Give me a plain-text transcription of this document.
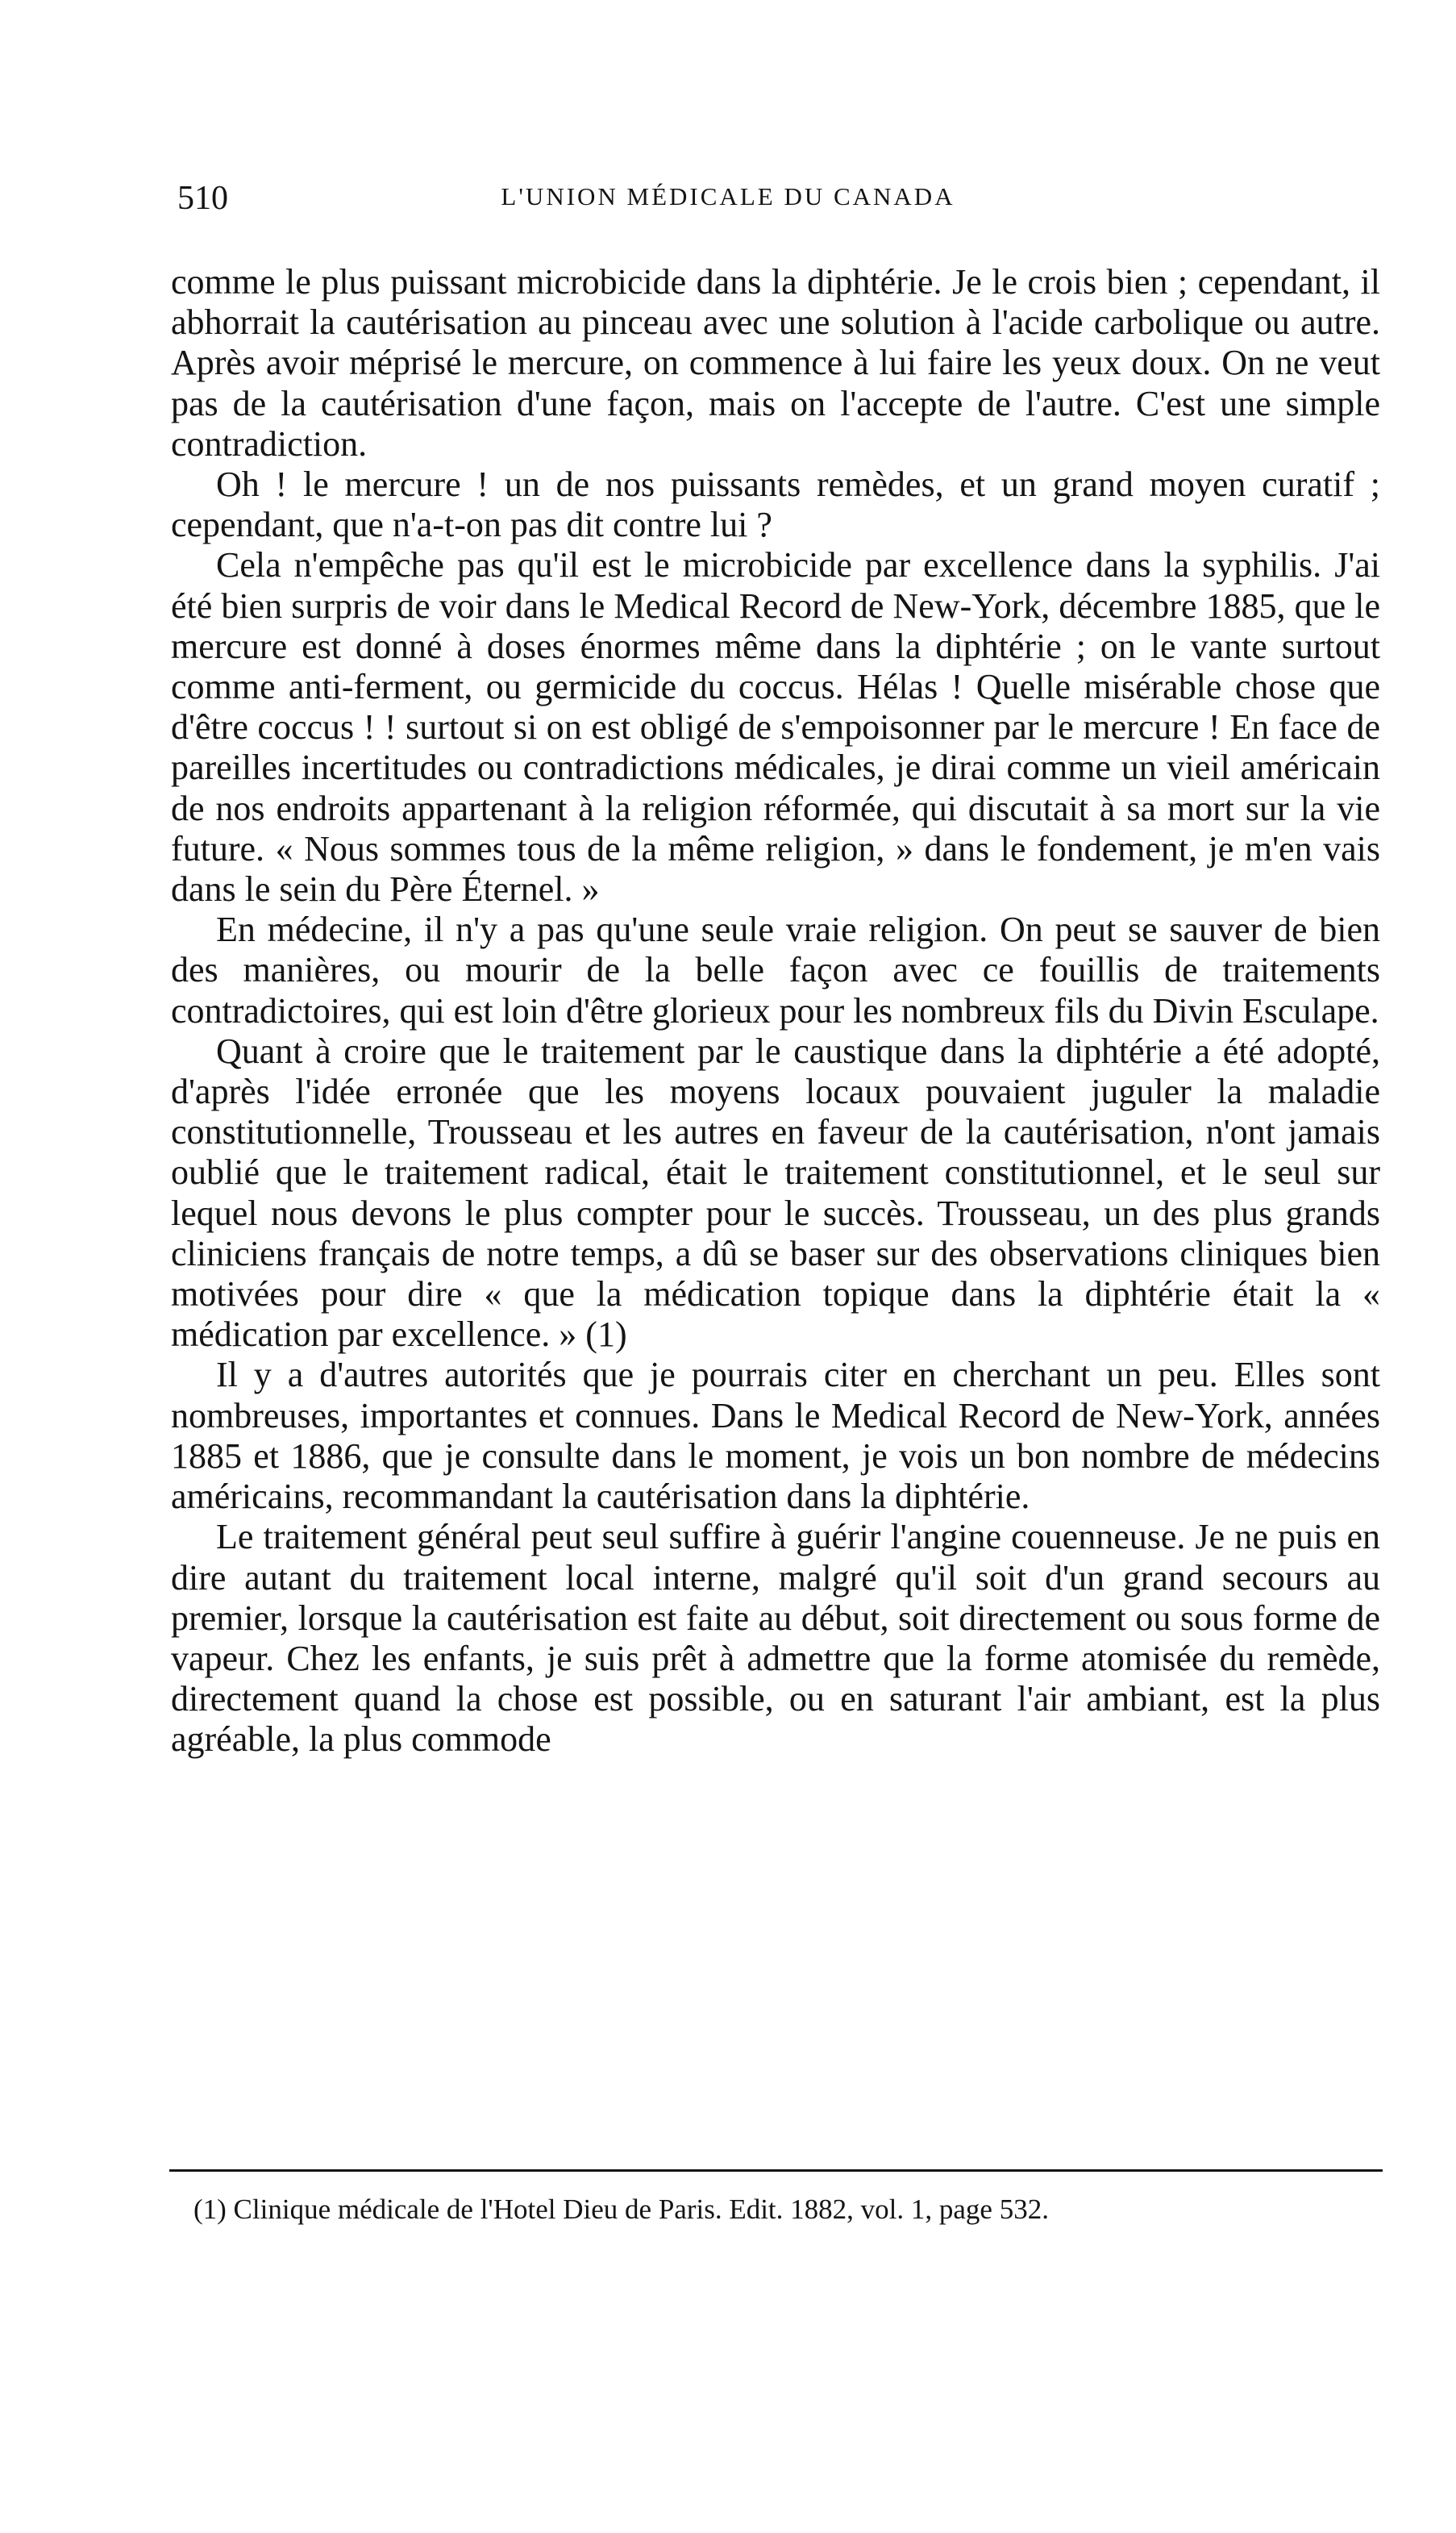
510	L'UNION MÉDICALE DU CANADA

comme le plus puissant microbicide dans la diphtérie. Je le crois bien ; cependant, il abhorrait la cautérisation au pinceau avec une solution à l'acide carbolique ou autre. Après avoir méprisé le mercure, on commence à lui faire les yeux doux. On ne veut pas de la cautérisation d'une façon, mais on l'accepte de l'autre. C'est une simple contradiction.

Oh ! le mercure ! un de nos puissants remèdes, et un grand moyen curatif ; cependant, que n'a-t-on pas dit contre lui ?

Cela n'empêche pas qu'il est le microbicide par excellence dans la syphilis. J'ai été bien surpris de voir dans le Medical Record de New-York, décembre 1885, que le mercure est donné à doses énormes même dans la diphtérie ; on le vante surtout comme anti-ferment, ou germicide du coccus. Hélas ! Quelle misérable chose que d'être coccus ! ! surtout si on est obligé de s'empoisonner par le mercure ! En face de pareilles incertitudes ou contradictions médicales, je dirai comme un vieil américain de nos endroits appartenant à la religion réformée, qui discutait à sa mort sur la vie future. « Nous sommes tous de la même religion, » dans le fondement, je m'en vais dans le sein du Père Éternel. »

En médecine, il n'y a pas qu'une seule vraie religion. On peut se sauver de bien des manières, ou mourir de la belle façon avec ce fouillis de traitements contradictoires, qui est loin d'être glorieux pour les nombreux fils du Divin Esculape.

Quant à croire que le traitement par le caustique dans la diphtérie a été adopté, d'après l'idée erronée que les moyens locaux pouvaient juguler la maladie constitutionnelle, Trousseau et les autres en faveur de la cautérisation, n'ont jamais oublié que le traitement radical, était le traitement constitutionnel, et le seul sur lequel nous devons le plus compter pour le succès. Trousseau, un des plus grands cliniciens français de notre temps, a dû se baser sur des observations cliniques bien motivées pour dire « que la médication topique dans la diphtérie était la « médication par excellence. » (1)

Il y a d'autres autorités que je pourrais citer en cherchant un peu. Elles sont nombreuses, importantes et connues. Dans le Medical Record de New-York, années 1885 et 1886, que je consulte dans le moment, je vois un bon nombre de médecins américains, recommandant la cautérisation dans la diphtérie.

Le traitement général peut seul suffire à guérir l'angine couenneuse. Je ne puis en dire autant du traitement local interne, malgré qu'il soit d'un grand secours au premier, lorsque la cautérisation est faite au début, soit directement ou sous forme de vapeur. Chez les enfants, je suis prêt à admettre que la forme atomisée du remède, directement quand la chose est possible, ou en saturant l'air ambiant, est la plus agréable, la plus commode

(1) Clinique médicale de l'Hotel Dieu de Paris. Edit. 1882, vol. 1, page 532.
